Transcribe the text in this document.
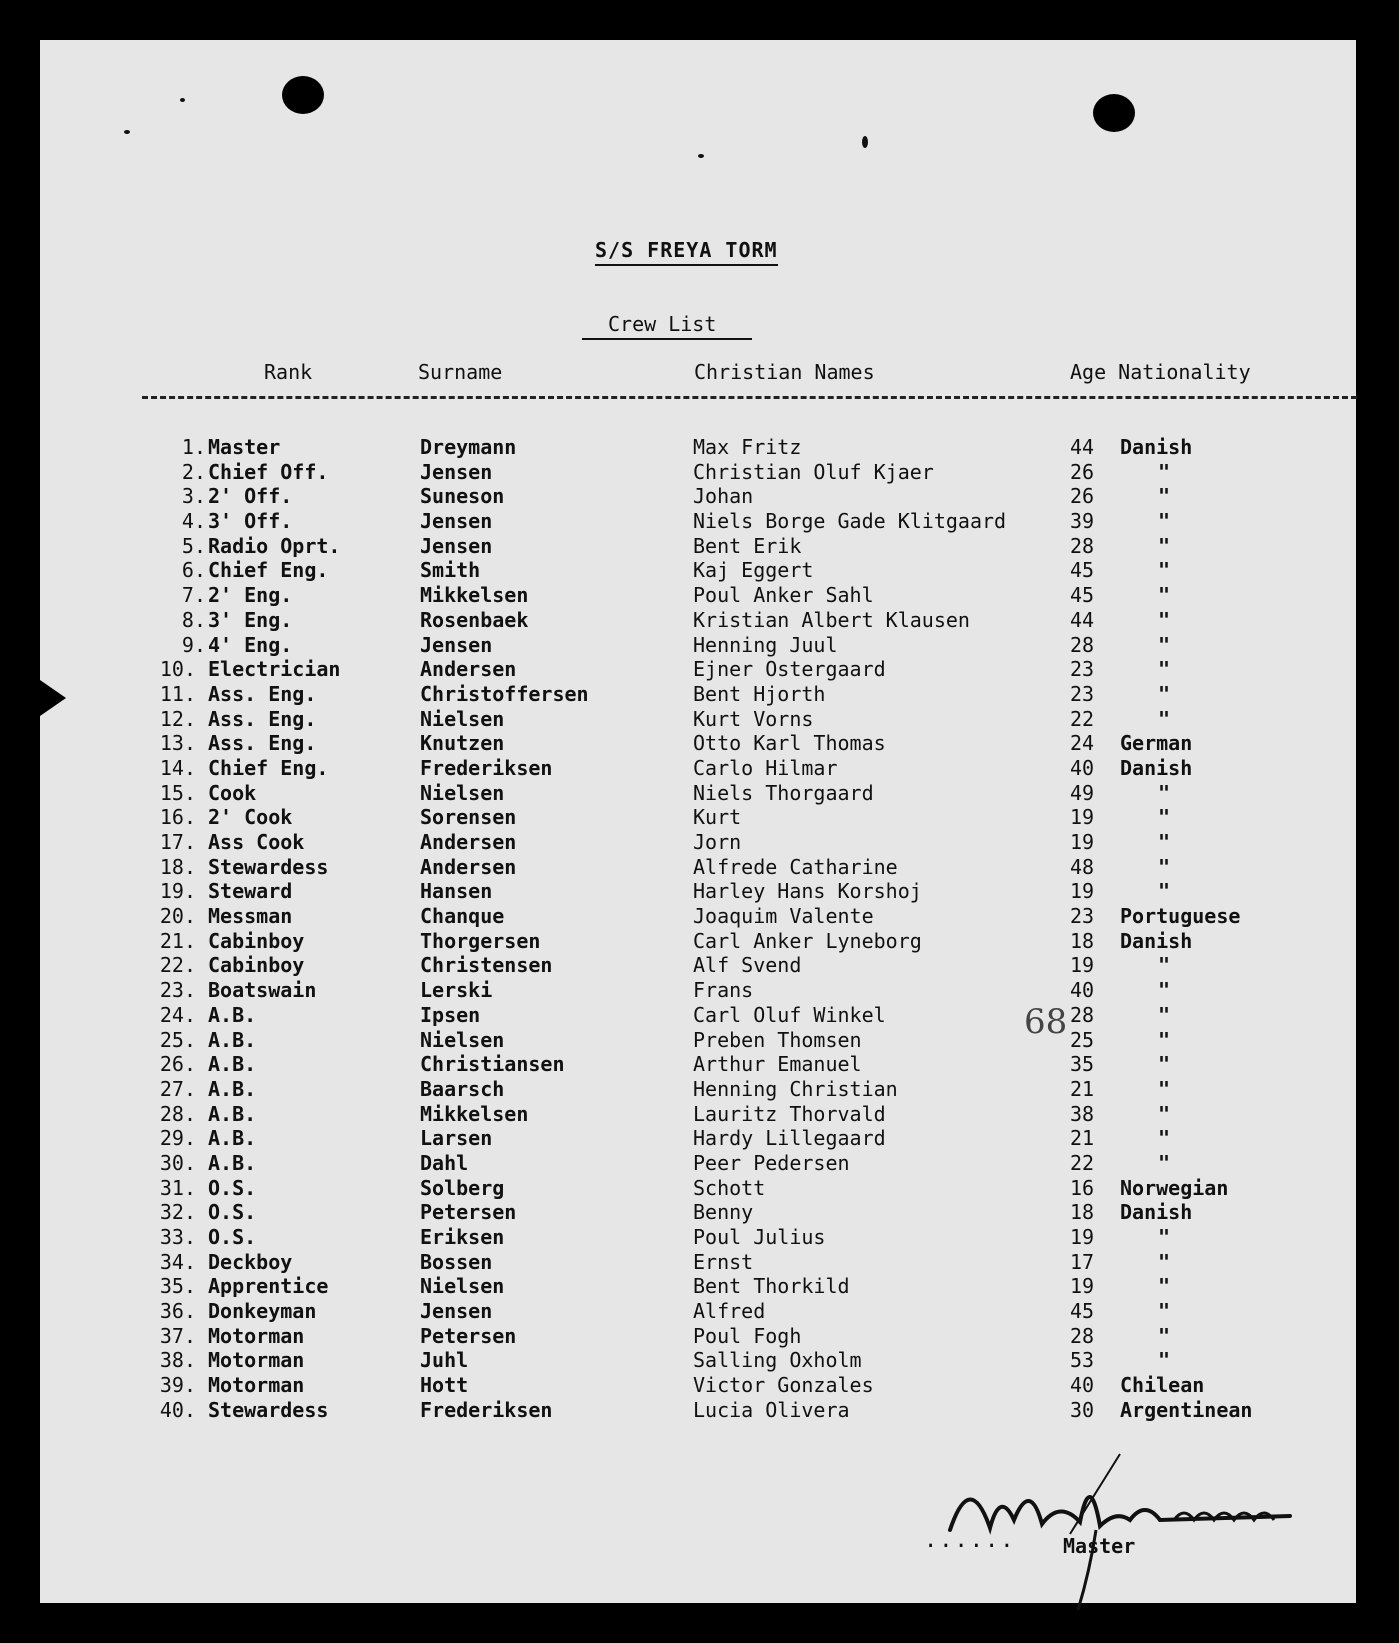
S/S FREYA TORM
Crew List
Rank	Surname	Christian Names	Age Nationality
1. Master	Dreymann	Max Fritz	44 Danish
2. Chief Off.	Jensen	Christian Oluf Kjaer	26	"
3. 2' Off.	Suneson	Johan	26	"
4. 3' Off.	Jensen	Niels Borge Gade Klitgaard	39	"
5. Radio Oprt.	Jensen	Bent Erik	28	"
6. Chief Eng.	Smith	Kaj Eggert	45	"
7. 2' Eng.	Mikkelsen	Poul Anker Sahl	45	"
8. 3' Eng.	Rosenbaek	Kristian Albert Klausen	44	"
9. 4' Eng.	Jensen	Henning Juul	28	"
10. Electrician	Andersen	Ejner Ostergaard	23	"
11. Ass. Eng.	Christoffersen	Bent Hjorth	23	"
12. Ass. Eng.	Nielsen	Kurt Vorns	22	"
13. Ass. Eng.	Knutzen	Otto Karl Thomas	24 German
14. Chief Eng.	Frederiksen	Carlo Hilmar	40 Danish
15. Cook	Nielsen	Niels Thorgaard	49	"
16. 2' Cook	Sorensen	Kurt	19	"
17. Ass Cook	Andersen	Jorn	19	"
18. Stewardess	Andersen	Alfrede Catharine	48	"
19. Steward	Hansen	Harley Hans Korshoj	19	"
20. Messman	Chanque	Joaquim Valente	23 Portuguese
21. Cabinboy	Thorgersen	Carl Anker Lyneborg	18 Danish
22. Cabinboy	Christensen	Alf Svend	19	"
23. Boatswain	Lerski	Frans	40	"
24. A.B.	Ipsen	Carl Oluf Winkel	28	"
25. A.B.	Nielsen	Preben Thomsen	25	"
26. A.B.	Christiansen	Arthur Emanuel	35	"
27. A.B.	Baarsch	Henning Christian	21	"
28. A.B.	Mikkelsen	Lauritz Thorvald	38	"
29. A.B.	Larsen	Hardy Lillegaard	21	"
30. A.B.	Dahl	Peer Pedersen	22	"
31. O.S.	Solberg	Schott	16 Norwegian
32. O.S.	Petersen	Benny	18 Danish
33. O.S.	Eriksen	Poul Julius	19	"
34. Deckboy	Bossen	Ernst	17	"
35. Apprentice	Nielsen	Bent Thorkild	19	"
36. Donkeyman	Jensen	Alfred	45	"
37. Motorman	Petersen	Poul Fogh	28	"
38. Motorman	Juhl	Salling Oxholm	53	"
39. Motorman	Hott	Victor Gonzales	40 Chilean
40. Stewardess	Frederiksen	Lucia Olivera	30 Argentinean
68
...... Master
